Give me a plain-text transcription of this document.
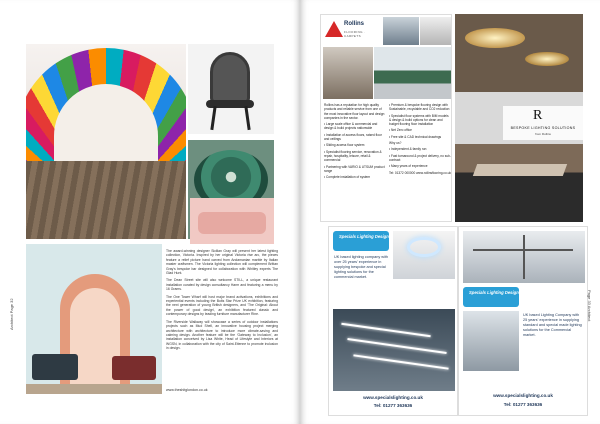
The award-winning designer Sicilian Gray will present her latest lighting collection, Victoria. Inspired by her original Victoria rise arc, the pieces feature a relief picture hand carved from Andamanian marble by Italian master craftsmen. The Victoria lighting collection will complement Brittan Gray's bespoke bar designed for collaboration with Whitley experts The Glad Hunt.

The Dean Street site will also welcome STILL, a unique restaurant installation curated by design consultancy Harm and featuring a menu by 16 Grams.

The One Tower Wharf will host major brand activations, exhibitions and experiential events including the Bolts Star Prize UK exhibition, featuring the next generation of young British designers, and 'The Original: About the power of good design', an exhibition featured classic and contemporary designs by leading furniture manufacturer Rine.

The Riverside Walkway will showcase a series of outdoor installations projects such as Mud Shell, an innovative housing project merging architecture with architecture to introduce more climate-saving and calming design. Another feature will be the 'Gateway to Inclusion', an installation conceived by Lisa White, Head of Lifestyle and Interiors at WGSN, in collaboration with the city of Saint-Etienne to promote inclusion in design.

www.theshitglondon.co.uk
Architect Page 32
Rollins
FLOORING · CARPETS

Rollins has a reputation for high quality products and reliable service from one of the most innovative floor layout and design companies in the sector.

• Large scale office & commercial and design & build projects nationwide

• Installation of access floors, raised floor and ceilings

• Sliding access floor system

• Specialist flooring service, renovation & repair, hospitality, leisure, retail & commercial

• Partnering with VARIO & UTSUM product range

• Complete installation of system

• Premium & bespoke flooring design with Sustainable, recyclable and CO2 reduction

• Specialist floor systems with BIM models & design & build options for clean and budget flooring floor installation

• Net Zero office

• Free site & CAD technical drawings

Why us?

• Independent & family run

• Fast turnaround & project delivery, no sub-contract

• Many years of experience

Tel: 01372 000000 www.rollinsflooring.co.uk

R
BESPOKE LIGHTING SOLUTIONS
from Rollins
Specials Lighting Design
UK based lighting company with over 25 years' experience in supplying bespoke and special lighting solutions for the commercial market.
www.specialslighting.co.uk
Tel: 01277 363636
Specials Lighting Design
UK based Lighting Company with 25 years' experience in supplying standard and special made lighting solutions for the Commercial market.
www.specialslighting.co.uk
Tel: 01277 363636
Page 33 Architect
